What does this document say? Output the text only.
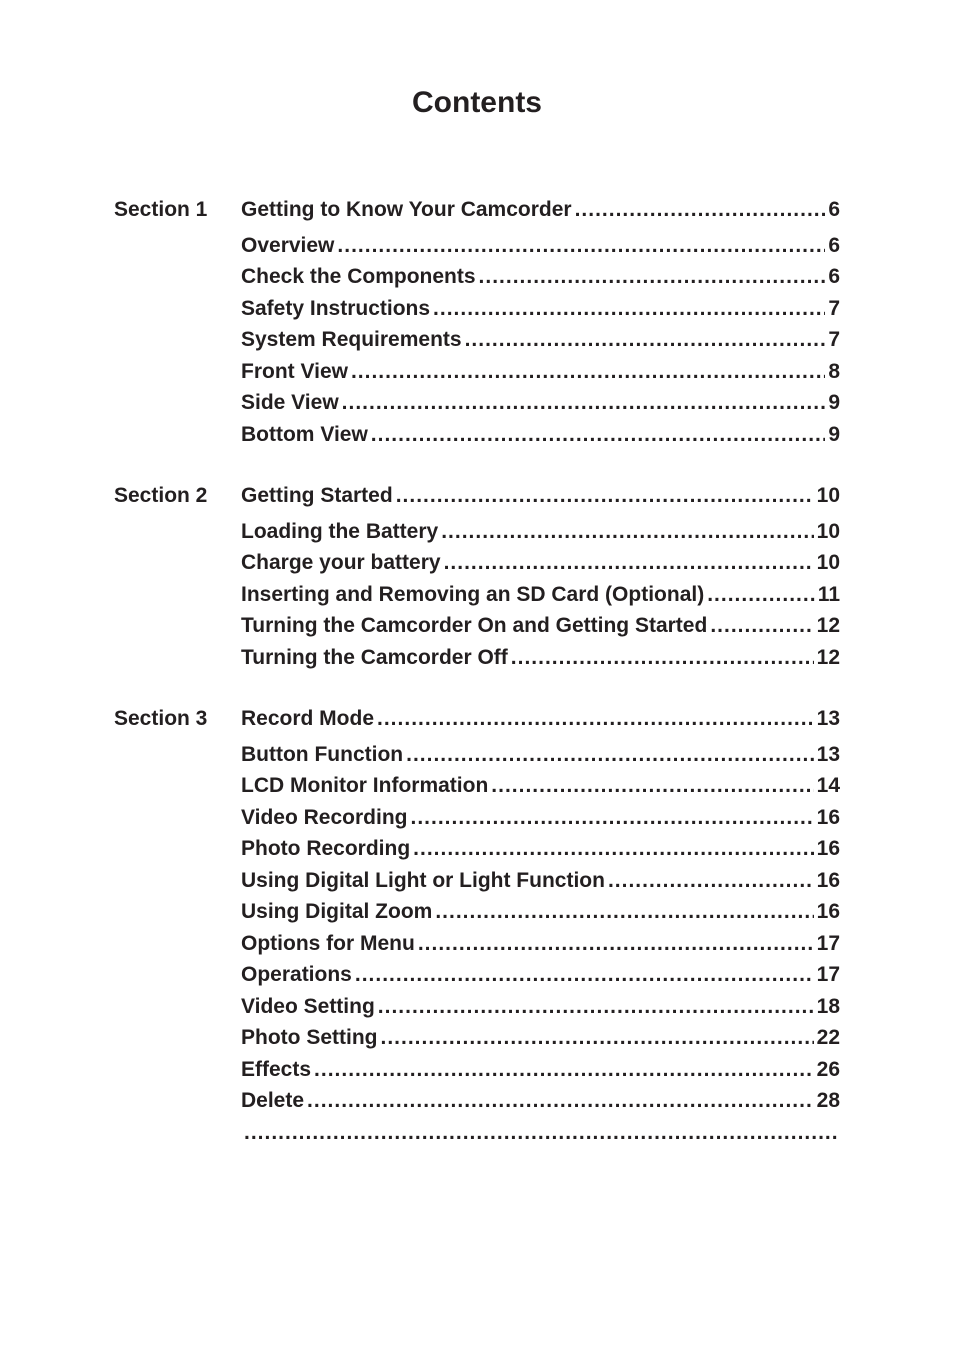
Contents
Section 1 Getting to Know Your Camcorder .....	6
Overview .....	6
Check the Components .....	6
Safety Instructions .....	7
System Requirements .....	7
Front View .....	8
Side View .....	9
Bottom View .....	9
Section 2 Getting Started .....	10
Loading the Battery .....	10
Charge your battery .....	10
Inserting and Removing an SD Card (Optional) .....	11
Turning the Camcorder On and Getting Started .....	12
Turning the Camcorder Off .....	12
Section 3 Record Mode .....	13
Button Function .....	13
LCD Monitor Information .....	14
Video Recording .....	16
Photo Recording .....	16
Using Digital Light or Light Function .....	16
Using Digital Zoom .....	16
Options for Menu .....	17
Operations .....	17
Video Setting .....	18
Photo Setting .....	22
Effects .....	26
Delete .....	28
.....
